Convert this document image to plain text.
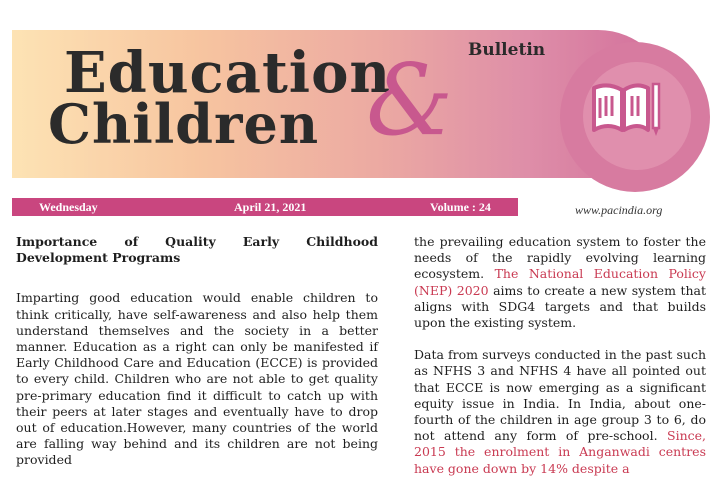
Bulletin
Education
Children &
Wednesday	April 21, 2021	Volume : 24	www.pacindia.org
Importance of Quality Early Childhood Development Programs

Imparting good education would enable children to think critically, have self-awareness and also help them understand themselves and the society in a better manner. Education as a right can only be manifested if Early Childhood Care and Education (ECCE) is provided to every child. Children who are not able to get quality pre-primary education find it difficult to catch up with their peers at later stages and eventually have to drop out of education.However, many countries of the world are falling way behind and its children are not being provided

the prevailing education system to foster the needs of the rapidly evolving learning ecosystem. The National Education Policy (NEP) 2020 aims to create a new system that aligns with SDG4 targets and that builds upon the existing system.

Data from surveys conducted in the past such as NFHS 3 and NFHS 4 have all pointed out that ECCE is now emerging as a significant equity issue in India. In India, about one-fourth of the children in age group 3 to 6, do not attend any form of pre-school. Since, 2015 the enrolment in Anganwadi centres have gone down by 14% despite a
